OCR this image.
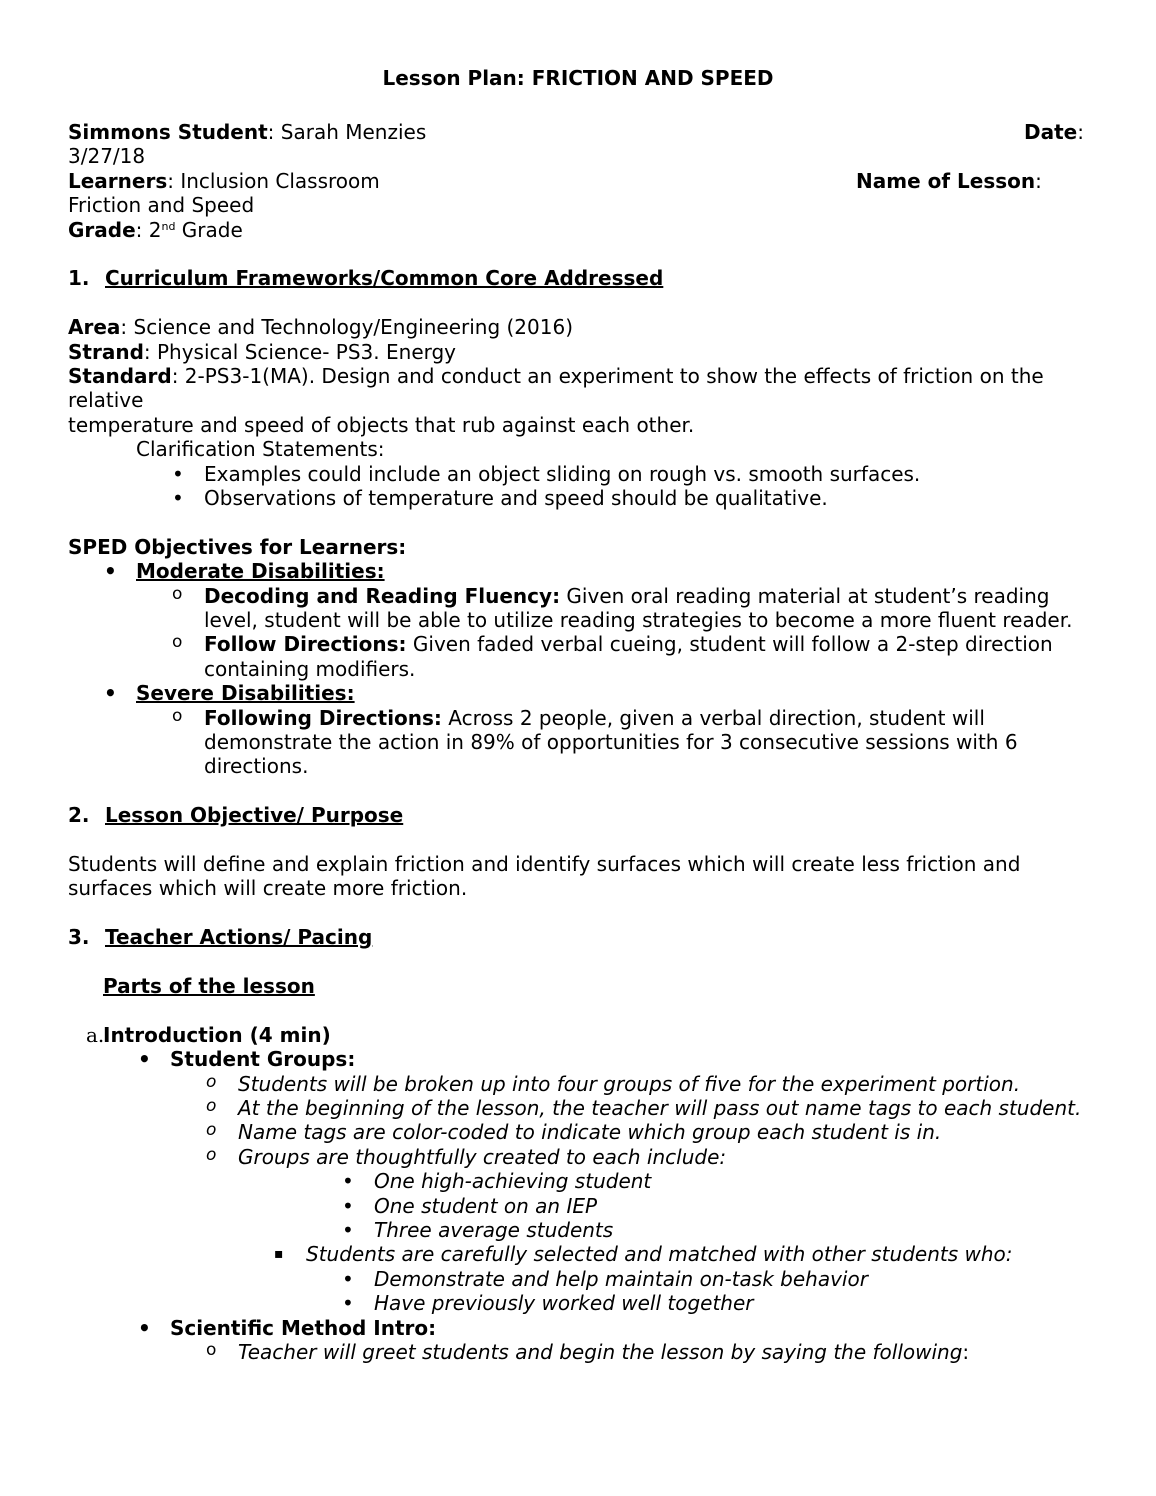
Lesson Plan: FRICTION AND SPEED

Simmons Student: Sarah Menzies	Date:
3/27/18
Learners: Inclusion Classroom	Name of Lesson:
Friction and Speed
Grade: 2nd Grade

1. Curriculum Frameworks/Common Core Addressed

Area: Science and Technology/Engineering (2016)

Strand: Physical Science- PS3. Energy

Standard: 2-PS3-1(MA). Design and conduct an experiment to show the effects of friction on the

relative

temperature and speed of objects that rub against each other.

Clarification Statements:

• Examples could include an object sliding on rough vs. smooth surfaces.
• Observations of temperature and speed should be qualitative.

SPED Objectives for Learners:

• Moderate Disabilities:
o Decoding and Reading Fluency: Given oral reading material at student’s reading level, student will be able to utilize reading strategies to become a more fluent reader.
o Follow Directions: Given faded verbal cueing, student will follow a 2-step direction containing modifiers.
• Severe Disabilities:
o Following Directions: Across 2 people, given a verbal direction, student will demonstrate the action in 89% of opportunities for 3 consecutive sessions with 6 directions.

2. Lesson Objective/ Purpose

Students will define and explain friction and identify surfaces which will create less friction and surfaces which will create more friction.

3. Teacher Actions/ Pacing

Parts of the lesson

a.
Introduction (4 min)

• Student Groups:
o Students will be broken up into four groups of five for the experiment portion.
o At the beginning of the lesson, the teacher will pass out name tags to each student.
o Name tags are color-coded to indicate which group each student is in.
o Groups are thoughtfully created to each include:
• One high-achieving student
• One student on an IEP
• Three average students
▪ Students are carefully selected and matched with other students who:
• Demonstrate and help maintain on-task behavior
• Have previously worked well together
• Scientific Method Intro:
o Teacher will greet students and begin the lesson by saying the following:
